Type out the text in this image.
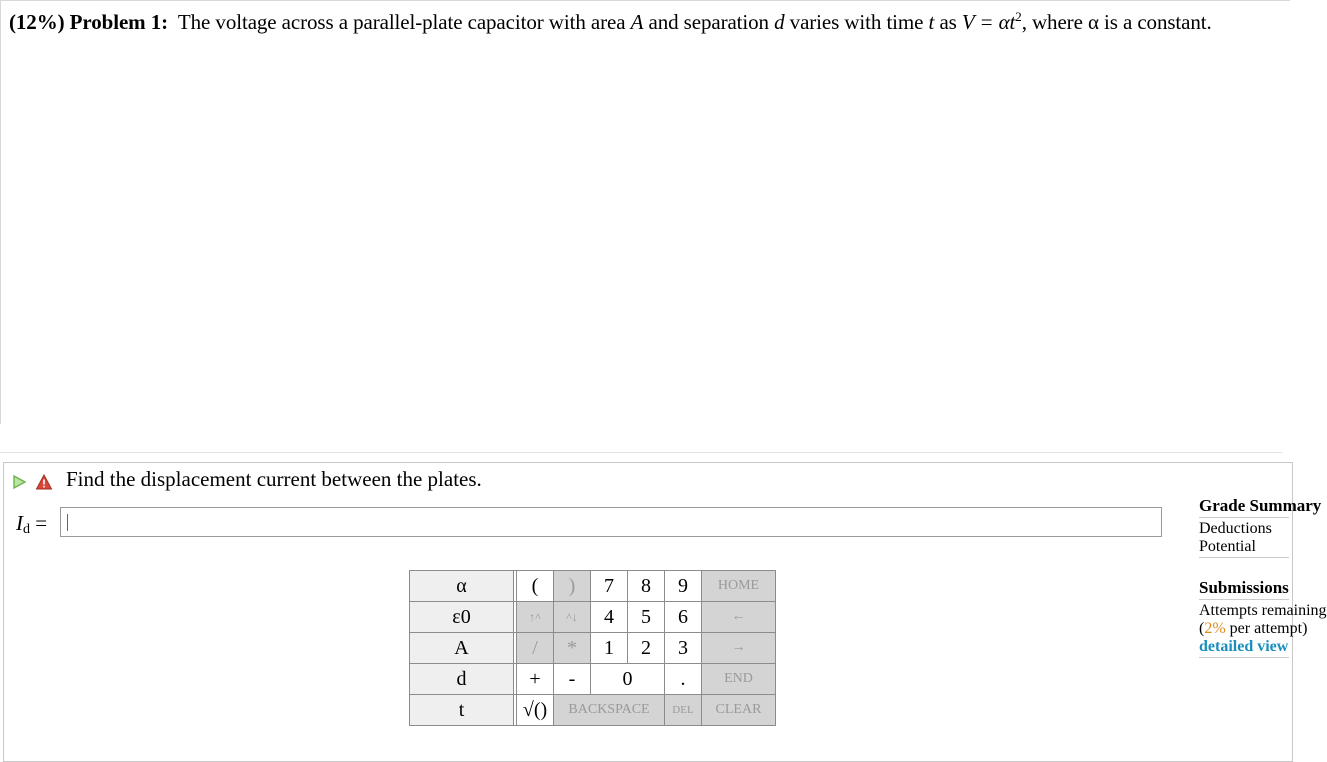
(12%) Problem 1: The voltage across a parallel-plate capacitor with area A and separation d varies with time t as $V = \alpha t^2$, where α is a constant.
Find the displacement current between the plates.
$I_d$ =
α		(	)	7	8	9	HOME
ε0		↑^	^↓	4	5	6	←
A		/	*	1	2	3	→
d		+	-	0		.	END
t		√()	BACKSPACE			DEL	CLEAR
Grade Summary
Deductions
Potential
Submissions
Attempts remaining
(2% per attempt)
detailed view
